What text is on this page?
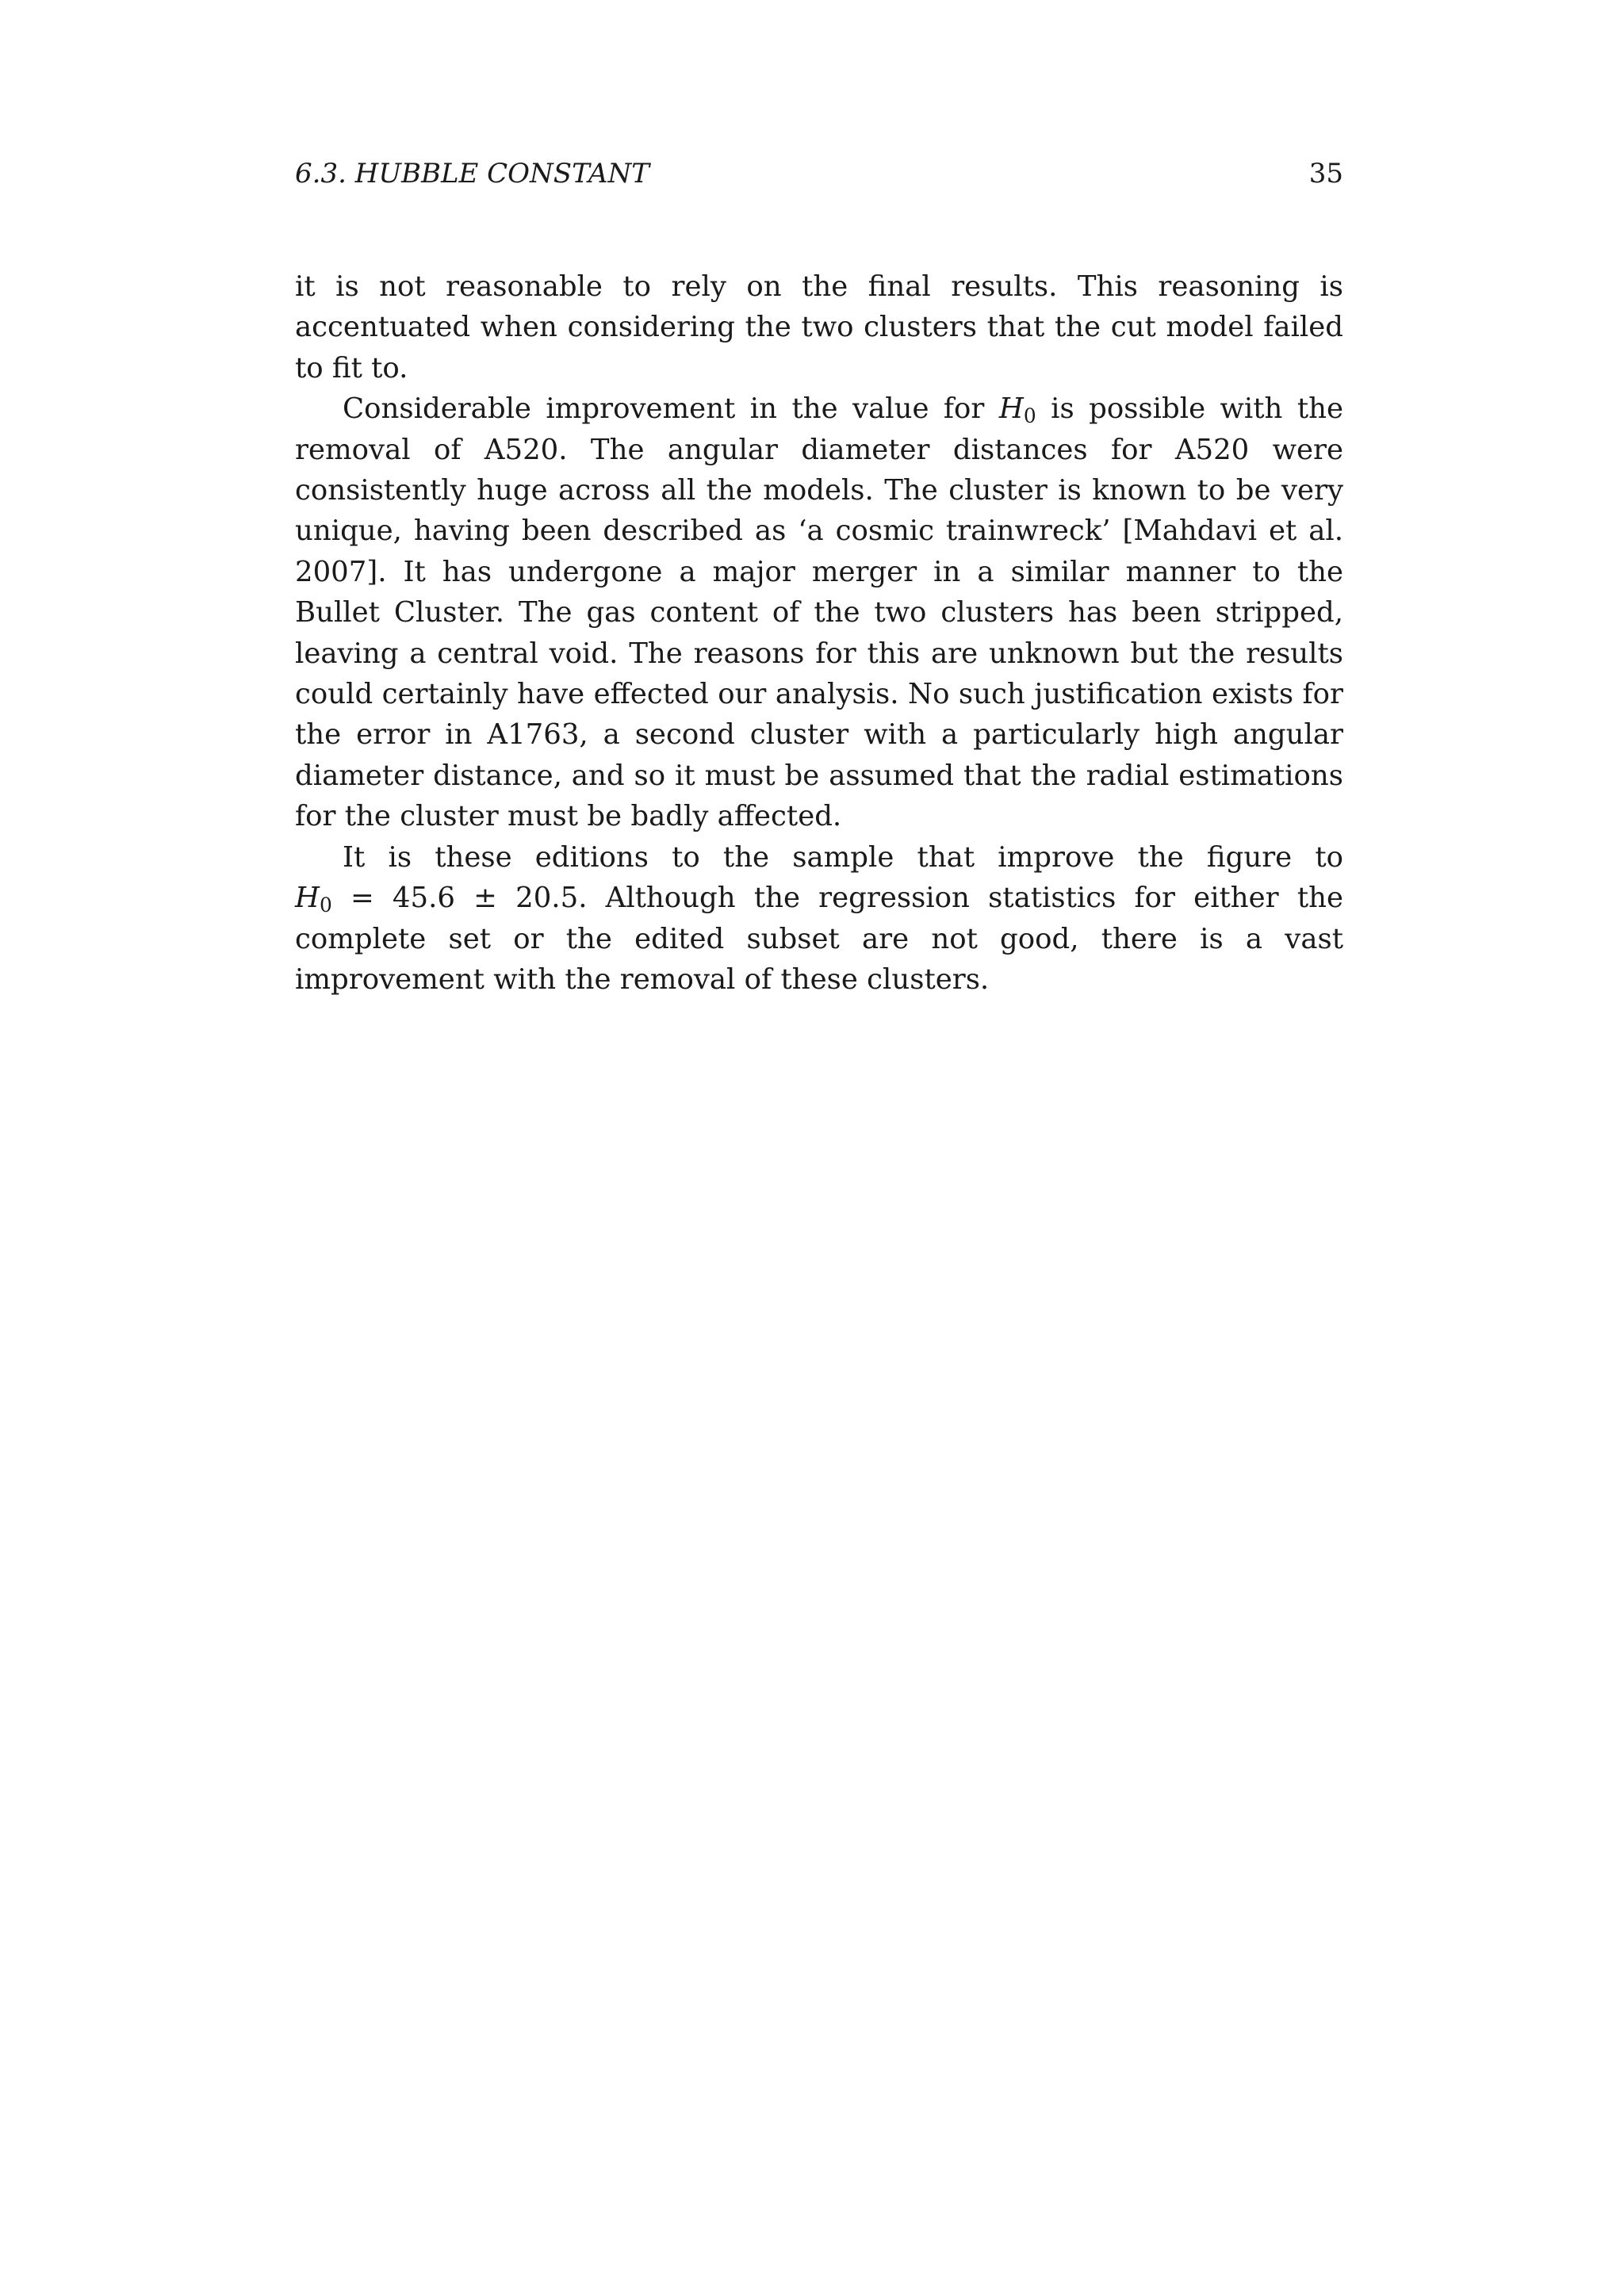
6.3. HUBBLE CONSTANT	35

it is not reasonable to rely on the final results. This reasoning is accentuated when considering the two clusters that the cut model failed to fit to.

Considerable improvement in the value for $H_0$ is possible with the removal of A520. The angular diameter distances for A520 were consistently huge across all the models. The cluster is known to be very unique, having been described as ‘a cosmic trainwreck’ [Mahdavi et al. 2007]. It has undergone a major merger in a similar manner to the Bullet Cluster. The gas content of the two clusters has been stripped, leaving a central void. The reasons for this are unknown but the results could certainly have effected our analysis. No such justification exists for the error in A1763, a second cluster with a particularly high angular diameter distance, and so it must be assumed that the radial estimations for the cluster must be badly affected.

It is these editions to the sample that improve the figure to $H_0 = 45.6 \pm 20.5$. Although the regression statistics for either the complete set or the edited subset are not good, there is a vast improvement with the removal of these clusters.
